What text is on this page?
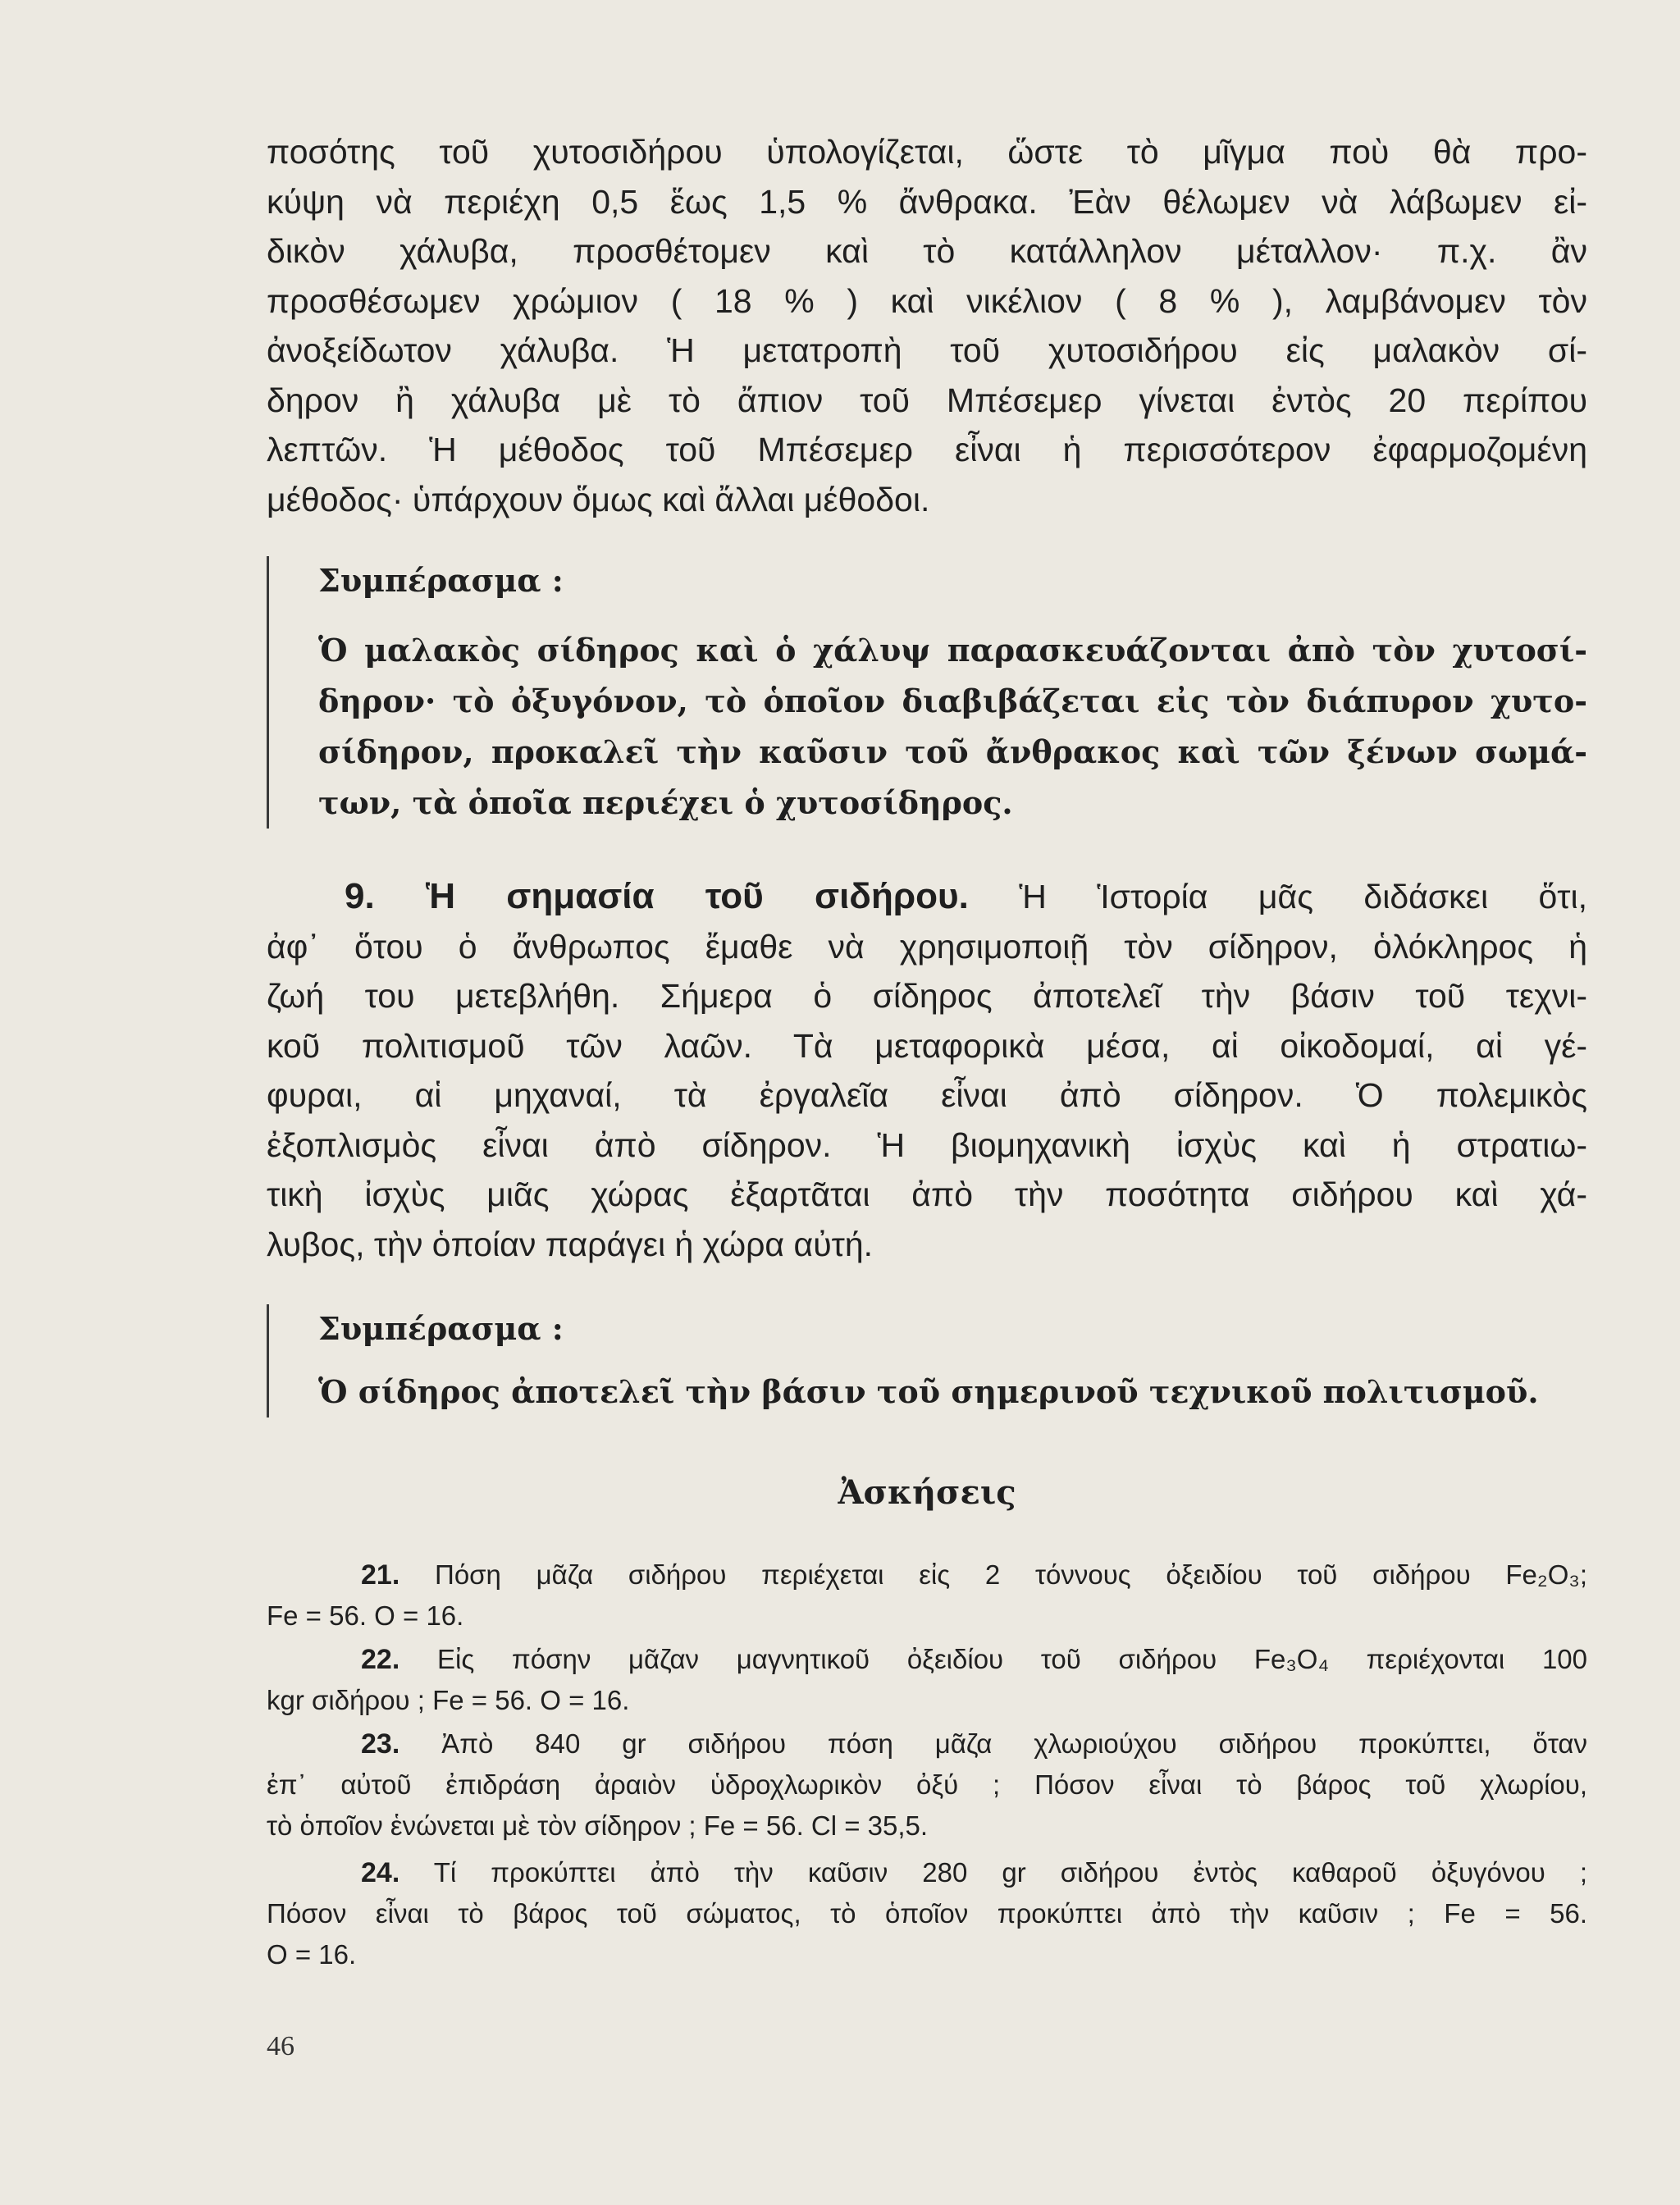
ποσότης τοῦ χυτοσιδήρου ὑπολογίζεται, ὥστε τὸ μῖγμα ποὺ θὰ προ-
κύψη νὰ περιέχη 0,5 ἕως 1,5 % ἄνθρακα. Ἐὰν θέλωμεν νὰ λάβωμεν εἰ-
δικὸν χάλυβα, προσθέτομεν καὶ τὸ κατάλληλον μέταλλον· π.χ. ἂν
προσθέσωμεν χρώμιον ( 18 % ) καὶ νικέλιον ( 8 % ), λαμβάνομεν τὸν
ἀνοξείδωτον χάλυβα. Ἡ μετατροπὴ τοῦ χυτοσιδήρου εἰς μαλακὸν σί-
δηρον ἢ χάλυβα μὲ τὸ ἄπιον τοῦ Μπέσεμερ γίνεται ἐντὸς 20 περίπου
λεπτῶν. Ἡ μέθοδος τοῦ Μπέσεμερ εἶναι ἡ περισσότερον ἐφαρμοζομένη
μέθοδος· ὑπάρχουν ὅμως καὶ ἄλλαι μέθοδοι.

Συμπέρασμα :

Ὁ μαλακὸς σίδηρος καὶ ὁ χάλυψ παρασκευάζονται ἀπὸ τὸν χυτοσί-
δηρον· τὸ ὀξυγόνον, τὸ ὁποῖον διαβιβάζεται εἰς τὸν διάπυρον χυτο-
σίδηρον, προκαλεῖ τὴν καῦσιν τοῦ ἄνθρακος καὶ τῶν ξένων σωμά-
των, τὰ ὁποῖα περιέχει ὁ χυτοσίδηρος.
9. Ἡ σημασία τοῦ σιδήρου. Ἡ Ἱστορία μᾶς διδάσκει ὅτι,
ἀφ᾽ ὅτου ὁ ἄνθρωπος ἔμαθε νὰ χρησιμοποιῇ τὸν σίδηρον, ὁλόκληρος ἡ
ζωή του μετεβλήθη. Σήμερα ὁ σίδηρος ἀποτελεῖ τὴν βάσιν τοῦ τεχνι-
κοῦ πολιτισμοῦ τῶν λαῶν. Τὰ μεταφορικὰ μέσα, αἱ οἰκοδομαί, αἱ γέ-
φυραι, αἱ μηχαναί, τὰ ἐργαλεῖα εἶναι ἀπὸ σίδηρον. Ὁ πολεμικὸς
ἐξοπλισμὸς εἶναι ἀπὸ σίδηρον. Ἡ βιομηχανικὴ ἰσχὺς καὶ ἡ στρατιω-
τικὴ ἰσχὺς μιᾶς χώρας ἐξαρτᾶται ἀπὸ τὴν ποσότητα σιδήρου καὶ χά-
λυβος, τὴν ὁποίαν παράγει ἡ χώρα αὐτή.

Συμπέρασμα :

Ὁ σίδηρος ἀποτελεῖ τὴν βάσιν τοῦ σημερινοῦ τεχνικοῦ πολιτισμοῦ.

Ἀσκήσεις

21. Πόση μᾶζα σιδήρου περιέχεται εἰς 2 τόννους ὀξειδίου τοῦ σιδήρου Fe₂O₃;
Fe = 56. O = 16.
22. Εἰς πόσην μᾶζαν μαγνητικοῦ ὀξειδίου τοῦ σιδήρου Fe₃O₄ περιέχονται 100
kgr σιδήρου ; Fe = 56. O = 16.
23. Ἀπὸ 840 gr σιδήρου πόση μᾶζα χλωριούχου σιδήρου προκύπτει, ὅταν
ἐπ᾽ αὐτοῦ ἐπιδράση ἀραιὸν ὑδροχλωρικὸν ὀξύ ; Πόσον εἶναι τὸ βάρος τοῦ χλωρίου,
τὸ ὁποῖον ἑνώνεται μὲ τὸν σίδηρον ; Fe = 56. Cl = 35,5.
24. Τί προκύπτει ἀπὸ τὴν καῦσιν 280 gr σιδήρου ἐντὸς καθαροῦ ὀξυγόνου ;
Πόσον εἶναι τὸ βάρος τοῦ σώματος, τὸ ὁποῖον προκύπτει ἀπὸ τὴν καῦσιν ; Fe = 56.
O = 16.
46
